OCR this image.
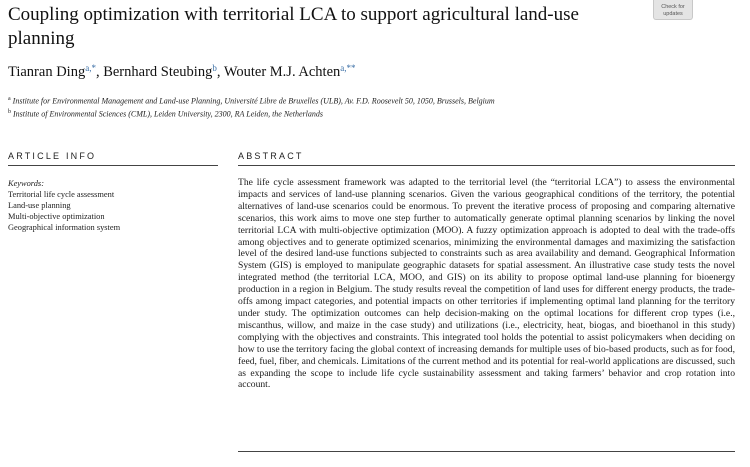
Coupling optimization with territorial LCA to support agricultural land-use planning
Check for updates
Tianran Ding$^{a,*}$, Bernhard Steubing$^b$, Wouter M.J. Achten$^{a,**}$
$^a$ Institute for Environmental Management and Land-use Planning, Université Libre de Bruxelles (ULB), Av. F.D. Roosevelt 50, 1050, Brussels, Belgium
$^b$ Institute of Environmental Sciences (CML), Leiden University, 2300, RA Leiden, the Netherlands
ARTICLE INFO	ABSTRACT
Keywords:
Territorial life cycle assessment
Land-use planning
Multi-objective optimization
Geographical information system

The life cycle assessment framework was adapted to the territorial level (the “territorial LCA”) to assess the environmental impacts and services of land-use planning scenarios. Given the various geographical conditions of the territory, the potential alternatives of land-use scenarios could be enormous. To prevent the iterative process of proposing and comparing alternative scenarios, this work aims to move one step further to automatically generate optimal planning scenarios by linking the novel territorial LCA with multi-objective optimization (MOO). A fuzzy optimization approach is adopted to deal with the trade-offs among objectives and to generate optimized scenarios, minimizing the environmental damages and maximizing the satisfaction level of the desired land-use functions subjected to constraints such as area availability and demand. Geographical Information System (GIS) is employed to manipulate geographic datasets for spatial assessment. An illustrative case study tests the novel integrated method (the territorial LCA, MOO, and GIS) on its ability to propose optimal land-use planning for bioenergy production in a region in Belgium. The study results reveal the competition of land uses for different energy products, the trade-offs among impact categories, and potential impacts on other territories if implementing optimal land planning for the territory under study. The optimization outcomes can help decision-making on the optimal locations for different crop types (i.e., miscanthus, willow, and maize in the case study) and utilizations (i.e., electricity, heat, biogas, and bioethanol in this study) complying with the objectives and constraints. This integrated tool holds the potential to assist policymakers when deciding on how to use the territory facing the global context of increasing demands for multiple uses of bio-based products, such as for food, feed, fuel, fiber, and chemicals. Limitations of the current method and its potential for real-world applications are discussed, such as expanding the scope to include life cycle sustainability assessment and taking farmers’ behavior and crop rotation into account.
